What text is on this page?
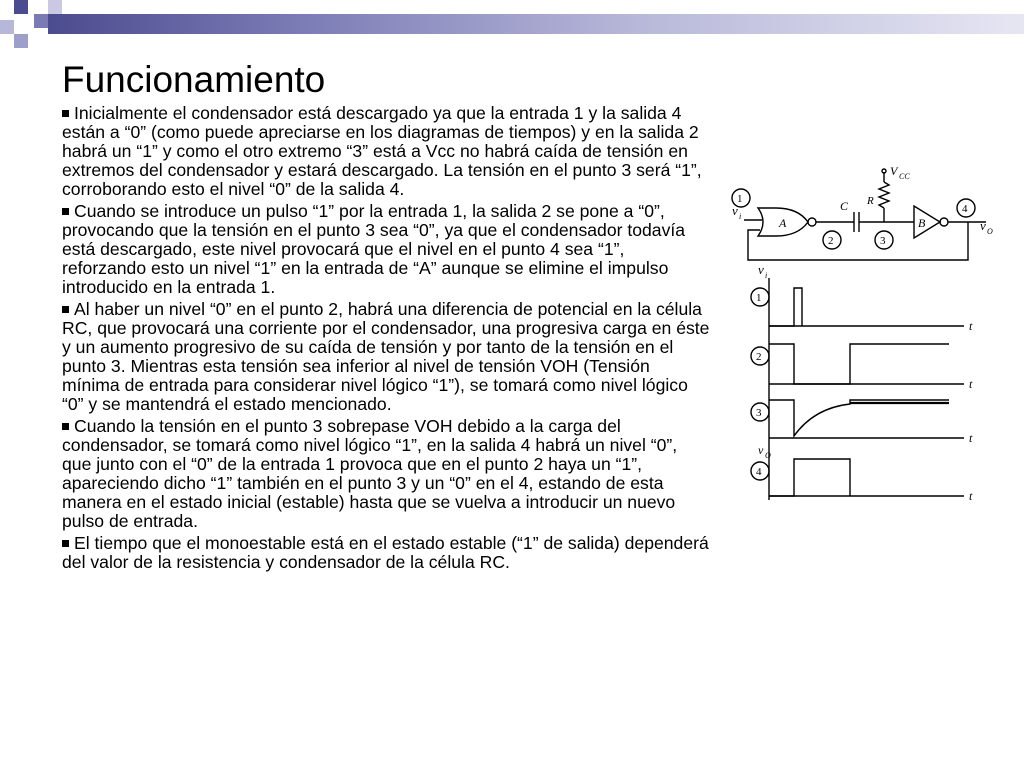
Funcionamiento
Inicialmente el condensador está descargado ya que la entrada 1 y la salida 4 están a “0” (como puede apreciarse en los diagramas de tiempos) y en la salida 2 habrá un “1” y como el otro extremo “3” está a Vcc no habrá caída de tensión en extremos del condensador y estará descargado. La tensión en el punto 3 será “1”, corroborando esto el nivel “0” de la salida 4.
Cuando se introduce un pulso “1” por la entrada 1, la salida 2 se pone a “0”, provocando que la tensión en el punto 3 sea “0”, ya que el condensador todavía está descargado, este nivel provocará que el nivel en el punto 4 sea “1”, reforzando esto un nivel “1” en la entrada de “A” aunque se elimine el impulso introducido en la entrada 1.
Al haber un nivel “0” en el punto 2, habrá una diferencia de potencial en la célula RC, que provocará una corriente por el condensador, una progresiva carga en éste y un aumento progresivo de su caída de tensión y por tanto de la tensión en el punto 3. Mientras esta tensión sea inferior al nivel de tensión VOH (Tensión mínima de entrada para considerar nivel lógico “1”), se tomará como nivel lógico “0” y se mantendrá el estado mencionado.
Cuando la tensión en el punto 3 sobrepase VOH debido a la carga del condensador, se tomará como nivel lógico “1”, en la salida 4 habrá un nivel “0”, que junto con el “0” de la entrada 1 provoca que en el punto 2 haya un “1”, apareciendo dicho “1” también en el punto 3 y un “0” en el 4, estando de esta manera en el estado inicial (estable) hasta que se vuelva a introducir un nuevo pulso de entrada.
El tiempo que el monoestable está en el estado estable (“1” de salida) dependerá del valor de la resistencia y condensador de la célula RC.
v i
1
A
C
2
R
V CC
3
B
4
v O
v i
1
t
2
t
3
t
v O
4
t
